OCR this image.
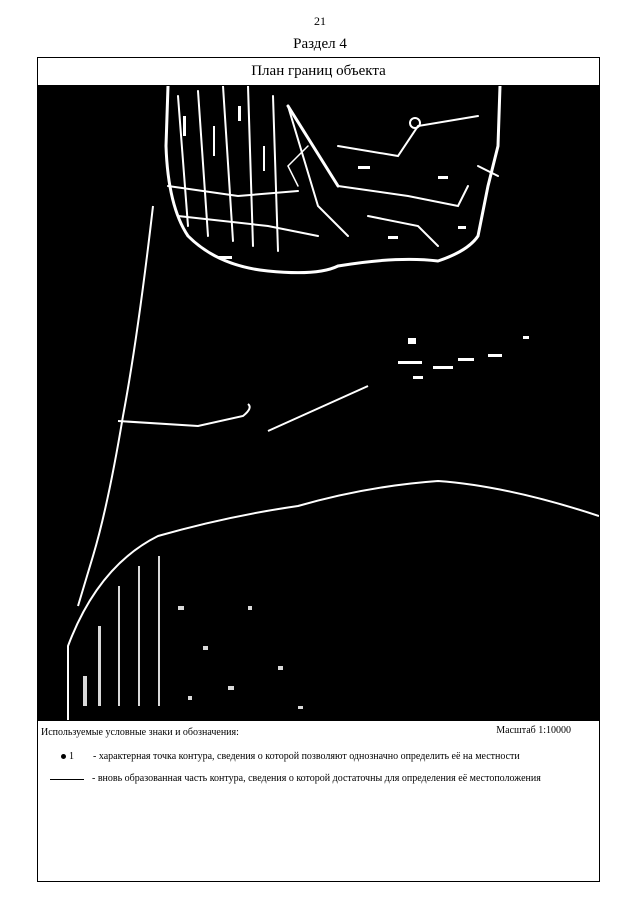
21
Раздел 4
План границ объекта
Используемые условные знаки и обозначения:	Масштаб 1:10000
1 - характерная точка контура, сведения о которой позволяют однозначно определить её на местности
- вновь образованная часть контура, сведения о которой достаточны для определения её местоположения
